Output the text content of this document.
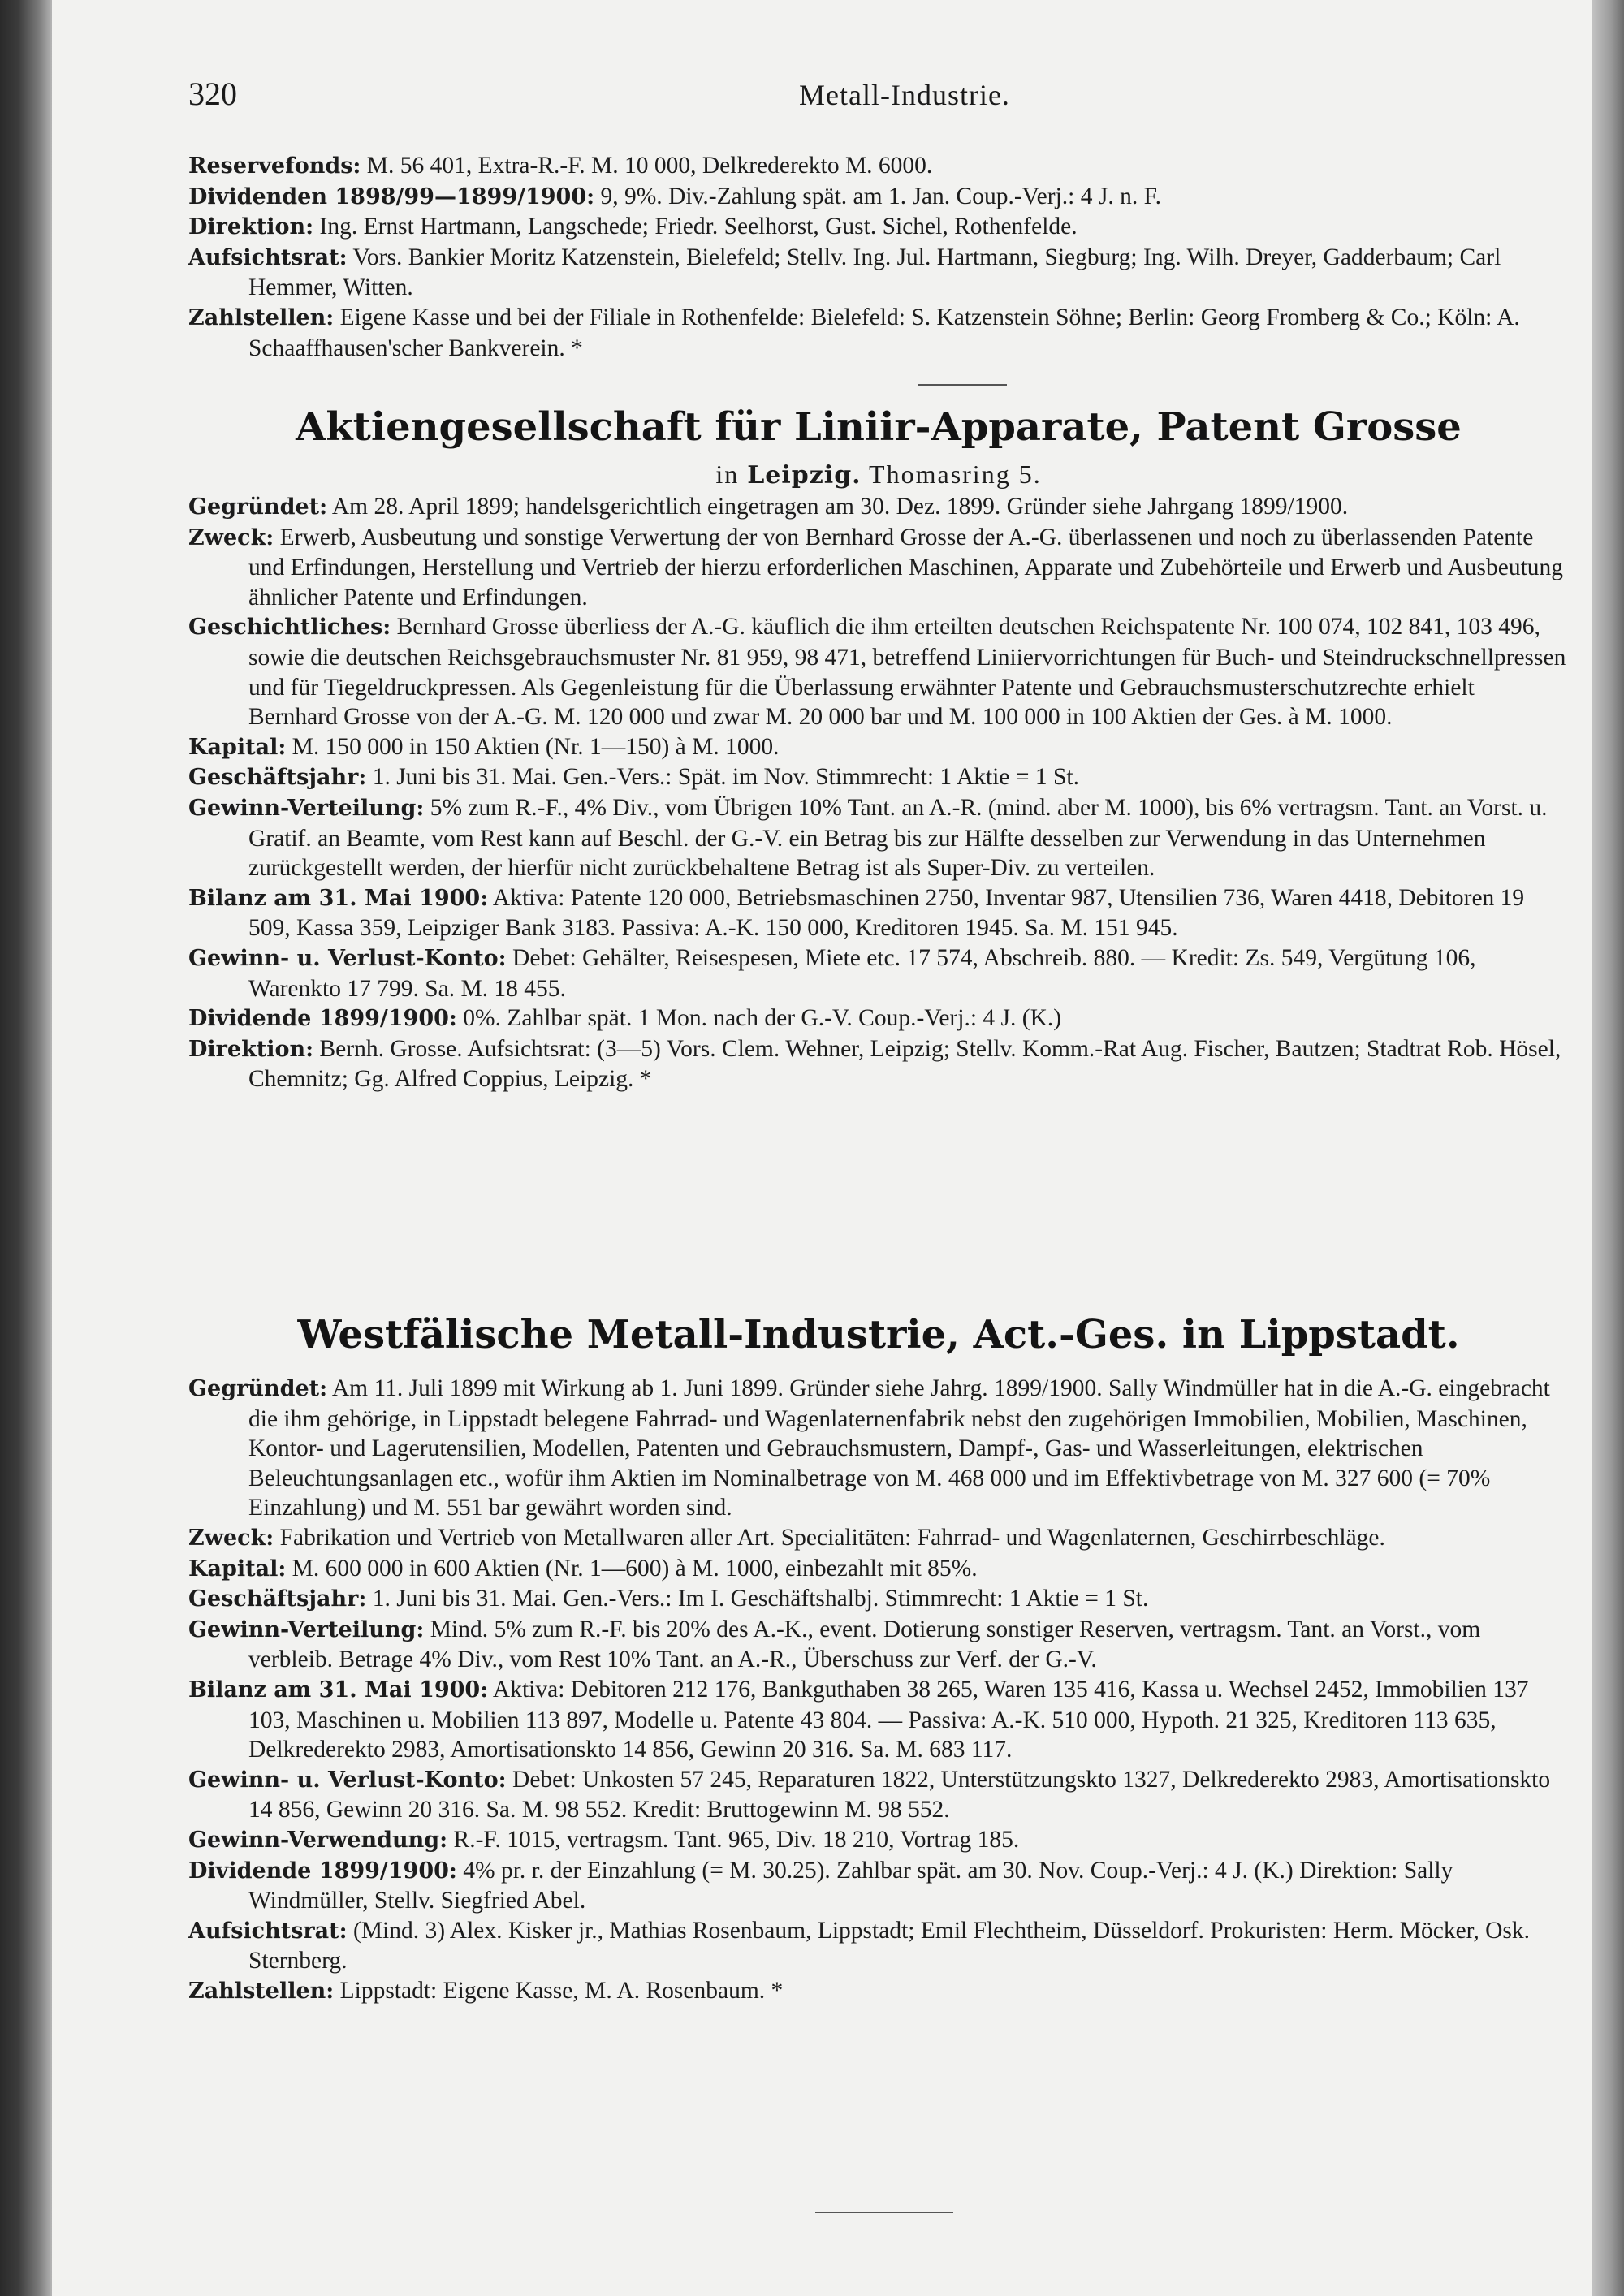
320	Metall-Industrie.

Reservefonds: M. 56 401, Extra-R.-F. M. 10 000, Delkrederekto M. 6000.

Dividenden 1898/99—1899/1900: 9, 9%. Div.-Zahlung spät. am 1. Jan. Coup.-Verj.: 4 J. n. F.

Direktion: Ing. Ernst Hartmann, Langschede; Friedr. Seelhorst, Gust. Sichel, Rothenfelde.

Aufsichtsrat: Vors. Bankier Moritz Katzenstein, Bielefeld; Stellv. Ing. Jul. Hartmann, Siegburg; Ing. Wilh. Dreyer, Gadderbaum; Carl Hemmer, Witten.

Zahlstellen: Eigene Kasse und bei der Filiale in Rothenfelde: Bielefeld: S. Katzenstein Söhne; Berlin: Georg Fromberg & Co.; Köln: A. Schaaffhausen'scher Bankverein. *

Aktiengesellschaft für Liniir-Apparate, Patent Grosse
in Leipzig. Thomasring 5.

Gegründet: Am 28. April 1899; handelsgerichtlich eingetragen am 30. Dez. 1899. Gründer siehe Jahrgang 1899/1900.

Zweck: Erwerb, Ausbeutung und sonstige Verwertung der von Bernhard Grosse der A.-G. überlassenen und noch zu überlassenden Patente und Erfindungen, Herstellung und Vertrieb der hierzu erforderlichen Maschinen, Apparate und Zubehörteile und Erwerb und Ausbeutung ähnlicher Patente und Erfindungen.

Geschichtliches: Bernhard Grosse überliess der A.-G. käuflich die ihm erteilten deutschen Reichspatente Nr. 100 074, 102 841, 103 496, sowie die deutschen Reichsgebrauchsmuster Nr. 81 959, 98 471, betreffend Liniiervorrichtungen für Buch- und Steindruckschnellpressen und für Tiegeldruckpressen. Als Gegenleistung für die Überlassung erwähnter Patente und Gebrauchsmusterschutzrechte erhielt Bernhard Grosse von der A.-G. M. 120 000 und zwar M. 20 000 bar und M. 100 000 in 100 Aktien der Ges. à M. 1000.

Kapital: M. 150 000 in 150 Aktien (Nr. 1—150) à M. 1000.

Geschäftsjahr: 1. Juni bis 31. Mai. Gen.-Vers.: Spät. im Nov. Stimmrecht: 1 Aktie = 1 St.

Gewinn-Verteilung: 5% zum R.-F., 4% Div., vom Übrigen 10% Tant. an A.-R. (mind. aber M. 1000), bis 6% vertragsm. Tant. an Vorst. u. Gratif. an Beamte, vom Rest kann auf Beschl. der G.-V. ein Betrag bis zur Hälfte desselben zur Verwendung in das Unternehmen zurückgestellt werden, der hierfür nicht zurückbehaltene Betrag ist als Super-Div. zu verteilen.

Bilanz am 31. Mai 1900: Aktiva: Patente 120 000, Betriebsmaschinen 2750, Inventar 987, Utensilien 736, Waren 4418, Debitoren 19 509, Kassa 359, Leipziger Bank 3183. Passiva: A.-K. 150 000, Kreditoren 1945. Sa. M. 151 945.

Gewinn- u. Verlust-Konto: Debet: Gehälter, Reisespesen, Miete etc. 17 574, Abschreib. 880. — Kredit: Zs. 549, Vergütung 106, Warenkto 17 799. Sa. M. 18 455.

Dividende 1899/1900: 0%. Zahlbar spät. 1 Mon. nach der G.-V. Coup.-Verj.: 4 J. (K.)

Direktion: Bernh. Grosse. Aufsichtsrat: (3—5) Vors. Clem. Wehner, Leipzig; Stellv. Komm.-Rat Aug. Fischer, Bautzen; Stadtrat Rob. Hösel, Chemnitz; Gg. Alfred Coppius, Leipzig. *

Westfälische Metall-Industrie, Act.-Ges. in Lippstadt.

Gegründet: Am 11. Juli 1899 mit Wirkung ab 1. Juni 1899. Gründer siehe Jahrg. 1899/1900. Sally Windmüller hat in die A.-G. eingebracht die ihm gehörige, in Lippstadt belegene Fahrrad- und Wagenlaternenfabrik nebst den zugehörigen Immobilien, Mobilien, Maschinen, Kontor- und Lagerutensilien, Modellen, Patenten und Gebrauchsmustern, Dampf-, Gas- und Wasserleitungen, elektrischen Beleuchtungsanlagen etc., wofür ihm Aktien im Nominalbetrage von M. 468 000 und im Effektivbetrage von M. 327 600 (= 70% Einzahlung) und M. 551 bar gewährt worden sind.

Zweck: Fabrikation und Vertrieb von Metallwaren aller Art. Specialitäten: Fahrrad- und Wagenlaternen, Geschirrbeschläge.

Kapital: M. 600 000 in 600 Aktien (Nr. 1—600) à M. 1000, einbezahlt mit 85%.

Geschäftsjahr: 1. Juni bis 31. Mai. Gen.-Vers.: Im I. Geschäftshalbj. Stimmrecht: 1 Aktie = 1 St.

Gewinn-Verteilung: Mind. 5% zum R.-F. bis 20% des A.-K., event. Dotierung sonstiger Reserven, vertragsm. Tant. an Vorst., vom verbleib. Betrage 4% Div., vom Rest 10% Tant. an A.-R., Überschuss zur Verf. der G.-V.

Bilanz am 31. Mai 1900: Aktiva: Debitoren 212 176, Bankguthaben 38 265, Waren 135 416, Kassa u. Wechsel 2452, Immobilien 137 103, Maschinen u. Mobilien 113 897, Modelle u. Patente 43 804. — Passiva: A.-K. 510 000, Hypoth. 21 325, Kreditoren 113 635, Delkrederekto 2983, Amortisationskto 14 856, Gewinn 20 316. Sa. M. 683 117.

Gewinn- u. Verlust-Konto: Debet: Unkosten 57 245, Reparaturen 1822, Unterstützungskto 1327, Delkrederekto 2983, Amortisationskto 14 856, Gewinn 20 316. Sa. M. 98 552. Kredit: Bruttogewinn M. 98 552.

Gewinn-Verwendung: R.-F. 1015, vertragsm. Tant. 965, Div. 18 210, Vortrag 185.

Dividende 1899/1900: 4% pr. r. der Einzahlung (= M. 30.25). Zahlbar spät. am 30. Nov. Coup.-Verj.: 4 J. (K.) Direktion: Sally Windmüller, Stellv. Siegfried Abel.

Aufsichtsrat: (Mind. 3) Alex. Kisker jr., Mathias Rosenbaum, Lippstadt; Emil Flechtheim, Düsseldorf. Prokuristen: Herm. Möcker, Osk. Sternberg.

Zahlstellen: Lippstadt: Eigene Kasse, M. A. Rosenbaum. *
